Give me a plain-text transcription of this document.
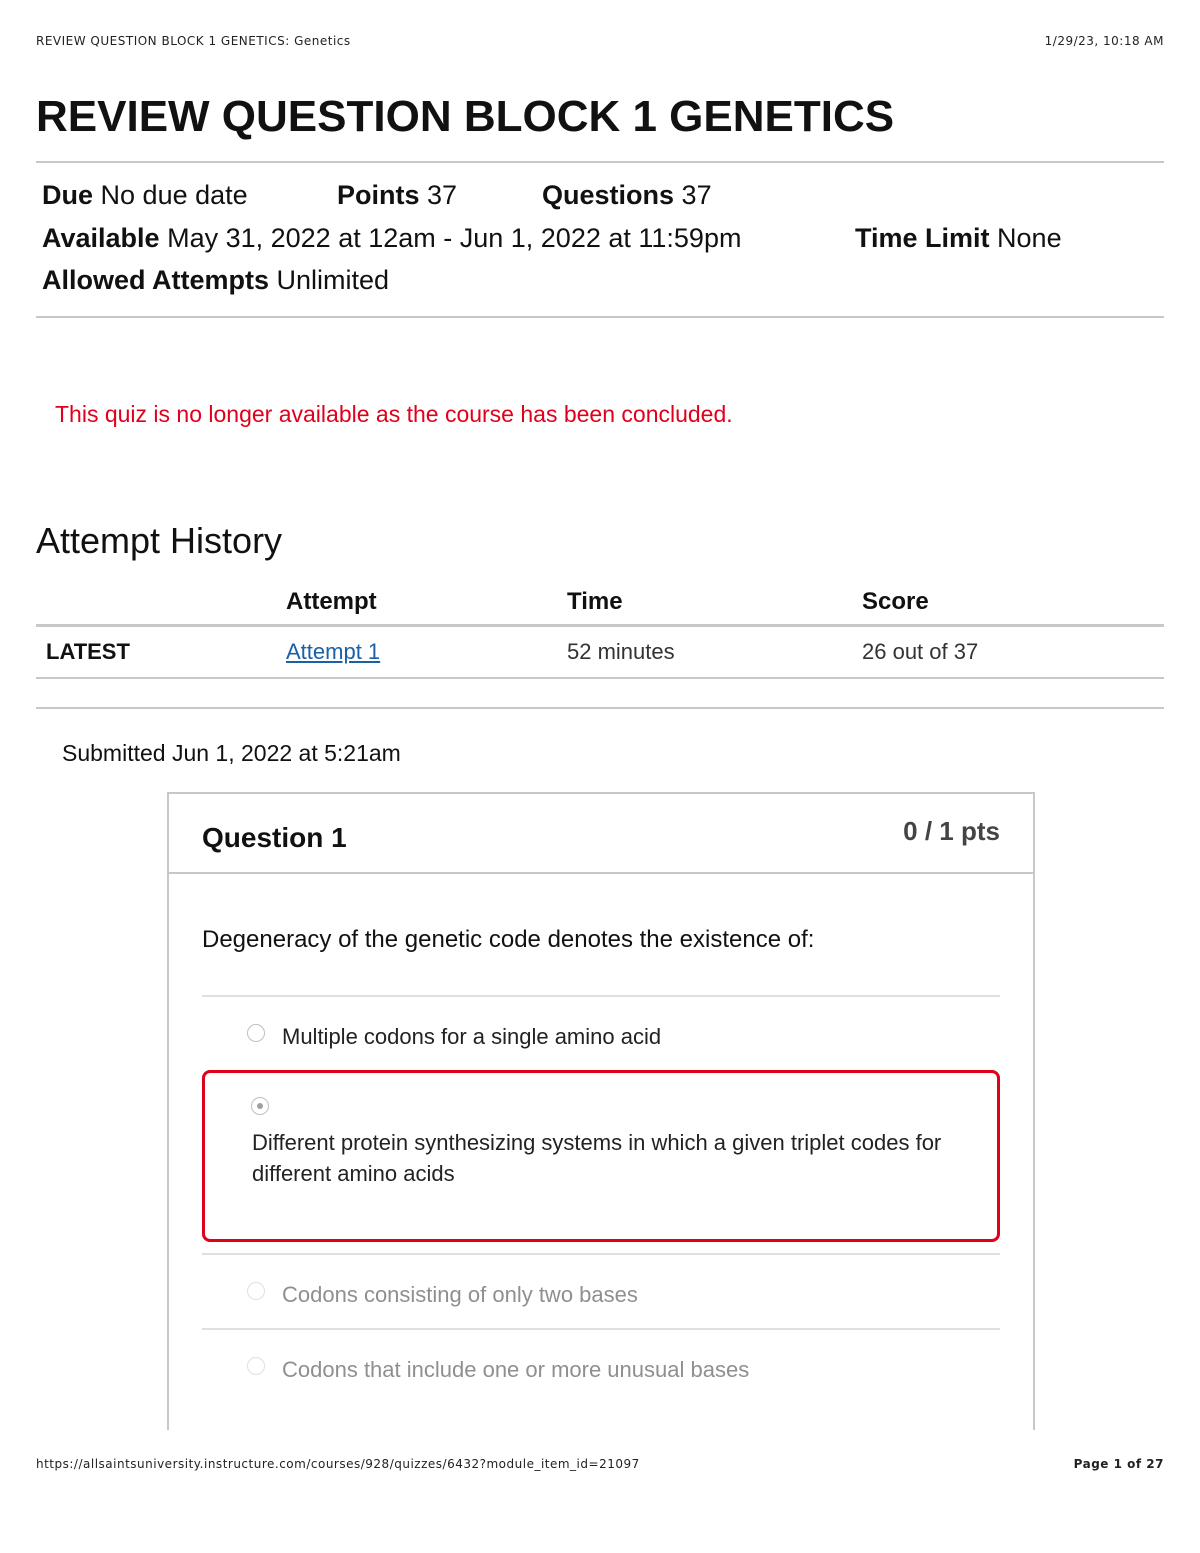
REVIEW QUESTION BLOCK 1 GENETICS: Genetics	1/29/23, 10:18 AM
REVIEW QUESTION BLOCK 1 GENETICS
Due No due date	Points 37	Questions 37
Available May 31, 2022 at 12am - Jun 1, 2022 at 11:59pm	Time Limit None
Allowed Attempts Unlimited
This quiz is no longer available as the course has been concluded.
Attempt History
	Attempt	Time	Score
LATEST	Attempt 1	52 minutes	26 out of 37
Submitted Jun 1, 2022 at 5:21am
Question 1	0 / 1 pts
Degeneracy of the genetic code denotes the existence of:
Multiple codons for a single amino acid
Different protein synthesizing systems in which a given triplet codes for different amino acids
Codons consisting of only two bases
Codons that include one or more unusual bases
https://allsaintsuniversity.instructure.com/courses/928/quizzes/6432?module_item_id=21097	Page 1 of 27
